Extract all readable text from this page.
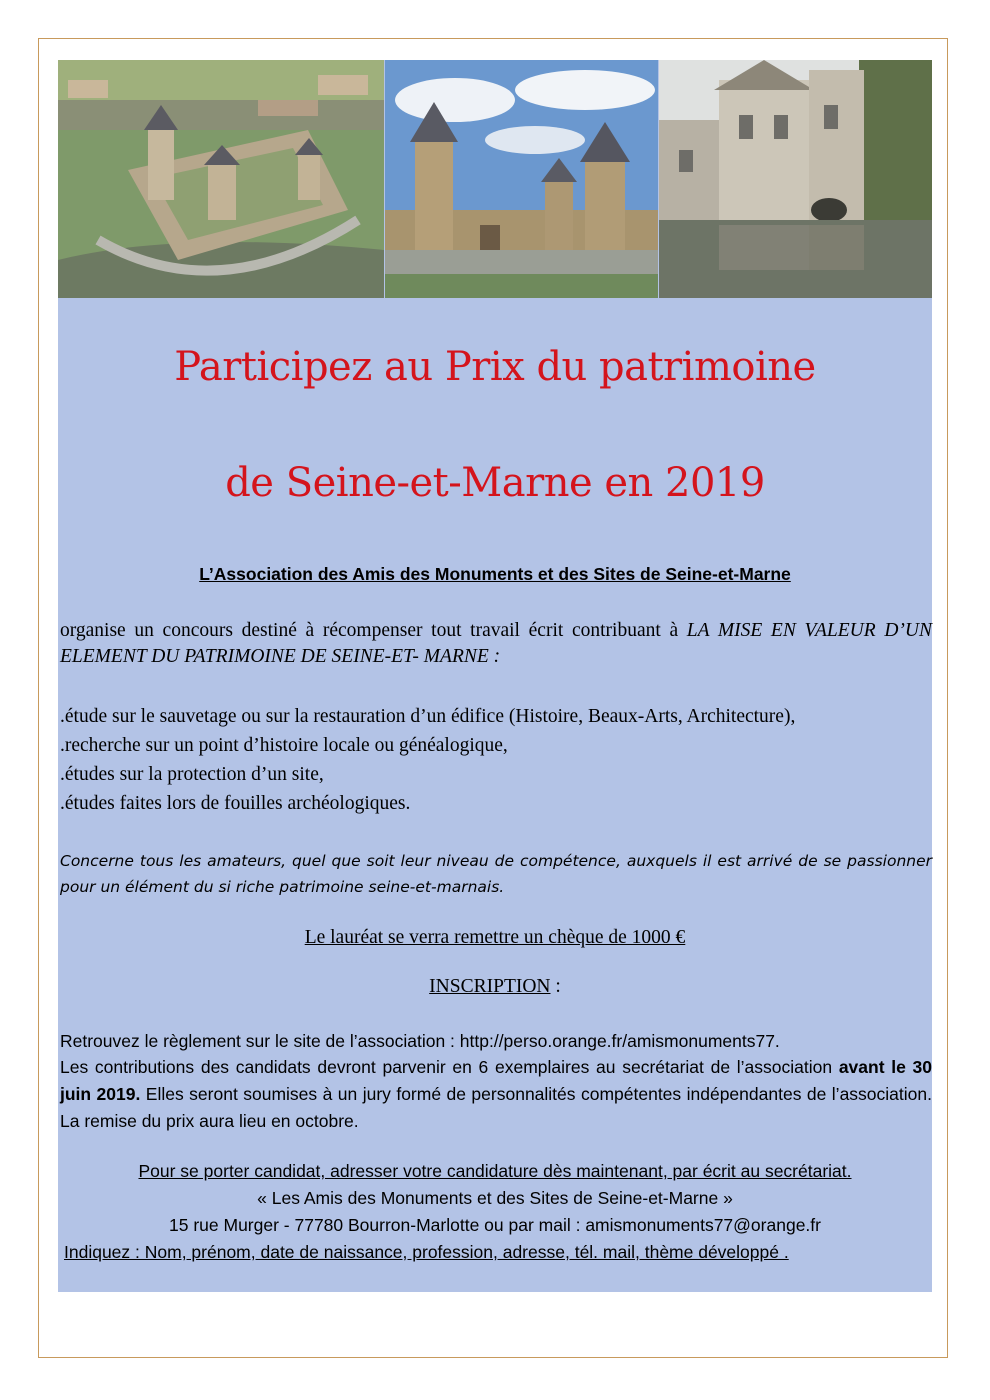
Participez au Prix du patrimoine
de Seine-et-Marne en 2019
L’Association des Amis des Monuments et des Sites de Seine-et-Marne
organise un concours destiné à récompenser tout travail écrit contribuant à LA MISE EN VALEUR D’UN ELEMENT DU PATRIMOINE DE SEINE-ET- MARNE :
.étude sur le sauvetage ou sur la restauration d’un édifice (Histoire, Beaux-Arts, Architecture),
.recherche sur un point d’histoire locale ou généalogique,
.études sur la protection d’un site,
.études faites lors de fouilles archéologiques.
Concerne tous les amateurs, quel que soit leur niveau de compétence, auxquels il est arrivé de se passionner pour un élément du si riche patrimoine seine-et-marnais.
Le lauréat se verra remettre un chèque de 1000 €
INSCRIPTION :
Retrouvez le règlement sur le site de l’association : http://perso.orange.fr/amismonuments77.
Les contributions des candidats devront parvenir en 6 exemplaires au secrétariat de l’association avant le 30 juin 2019. Elles seront soumises à un jury formé de personnalités compétentes indépendantes de l’association. La remise du prix aura lieu en octobre.
Pour se porter candidat, adresser votre candidature dès maintenant, par écrit au secrétariat.
« Les Amis des Monuments et des Sites de Seine-et-Marne »
15 rue Murger - 77780 Bourron-Marlotte ou par mail : amismonuments77@orange.fr
Indiquez : Nom, prénom, date de naissance, profession, adresse, tél. mail, thème développé .
